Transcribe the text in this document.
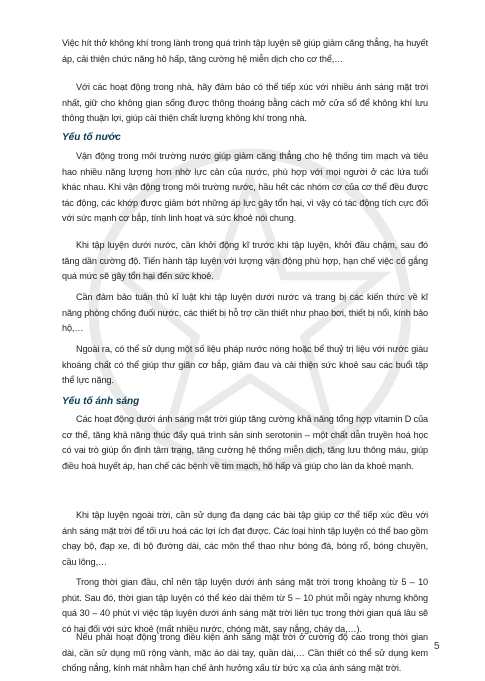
Việc hít thở không khí trong lành trong quá trình tập luyện sẽ giúp giảm căng thẳng, hạ huyết áp, cải thiện chức năng hô hấp, tăng cường hệ miễn dịch cho cơ thể,…

Với các hoạt động trong nhà, hãy đảm bảo có thể tiếp xúc với nhiều ánh sáng mặt trời nhất, giữ cho không gian sống được thông thoáng bằng cách mở cửa sổ để không khí lưu thông thuận lợi, giúp cải thiện chất lượng không khí trong nhà.

Yếu tố nước

Vận động trong môi trường nước giúp giảm căng thẳng cho hệ thống tim mạch và tiêu hao nhiều năng lượng hơn nhờ lực cản của nước, phù hợp với mọi người ở các lứa tuổi khác nhau. Khi vận động trong môi trường nước, hầu hết các nhóm cơ của cơ thể đều được tác động, các khớp được giảm bớt những áp lực gây tổn hại, vì vậy có tác động tích cực đối với sức mạnh cơ bắp, tính linh hoạt và sức khoẻ nói chung.

Khi tập luyện dưới nước, cần khởi động kĩ trước khi tập luyện, khởi đầu chậm, sau đó tăng dần cường độ. Tiến hành tập luyện với lượng vận động phù hợp, hạn chế việc cố gắng quá mức sẽ gây tổn hại đến sức khoẻ.

Cần đảm bảo tuân thủ kỉ luật khi tập luyện dưới nước và trang bị các kiến thức về kĩ năng phòng chống đuối nước, các thiết bị hỗ trợ cần thiết như phao bơi, thiết bị nổi, kính bảo hộ,…

Ngoài ra, có thể sử dụng một số liệu pháp nước nóng hoặc bể thuỷ trị liệu với nước giàu khoáng chất có thể giúp thư giãn cơ bắp, giảm đau và cải thiện sức khoẻ sau các buổi tập thể lực nặng.

Yếu tố ánh sáng

Các hoạt động dưới ánh sáng mặt trời giúp tăng cường khả năng tổng hợp vitamin D của cơ thể, tăng khả năng thúc đẩy quá trình sản sinh serotonin – một chất dẫn truyền hoá học có vai trò giúp ổn định tâm trạng, tăng cường hệ thống miễn dịch, tăng lưu thông máu, giúp điều hoà huyết áp, hạn chế các bệnh về tim mạch, hô hấp và giúp cho làn da khoẻ mạnh.

Khi tập luyện ngoài trời, cần sử dụng đa dạng các bài tập giúp cơ thể tiếp xúc đều với ánh sáng mặt trời để tối ưu hoá các lợi ích đạt được. Các loại hình tập luyện có thể bao gồm chạy bộ, đạp xe, đi bộ đường dài, các môn thể thao như bóng đá, bóng rổ, bóng chuyền, cầu lông,…

Trong thời gian đầu, chỉ nên tập luyện dưới ánh sáng mặt trời trong khoảng từ 5 – 10 phút. Sau đó, thời gian tập luyện có thể kéo dài thêm từ 5 – 10 phút mỗi ngày nhưng không quá 30 – 40 phút vì việc tập luyện dưới ánh sáng mặt trời liên tục trong thời gian quá lâu sẽ có hại đối với sức khoẻ (mất nhiều nước, chóng mặt, say nắng, cháy da,…).

Nếu phải hoạt động trong điều kiện ánh sáng mặt trời ở cường độ cao trong thời gian dài, cần sử dụng mũ rộng vành, mặc áo dài tay, quần dài,… Cần thiết có thể sử dụng kem chống nắng, kính mát nhằm hạn chế ảnh hưởng xấu từ bức xạ của ánh sáng mặt trời.

5
